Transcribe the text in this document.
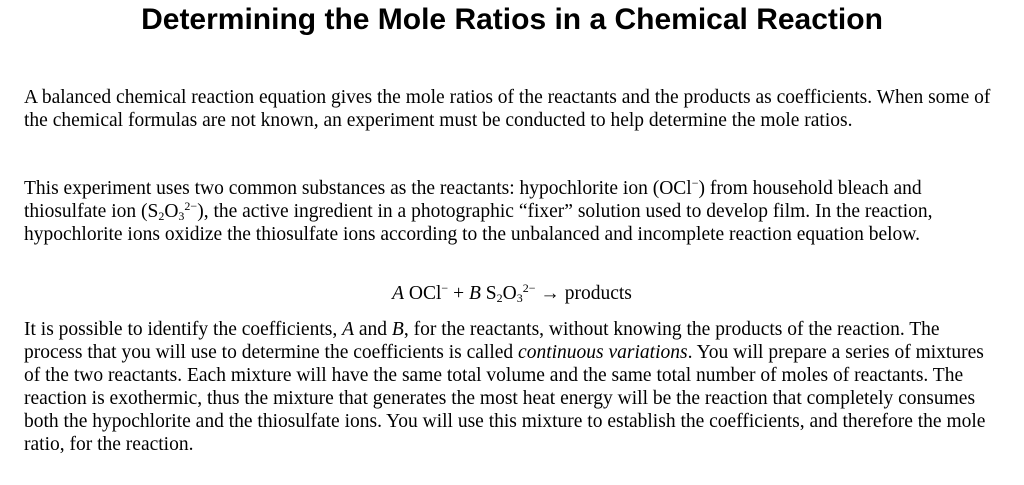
Determining the Mole Ratios in a Chemical Reaction

A balanced chemical reaction equation gives the mole ratios of the reactants and the products as coefficients. When some of the chemical formulas are not known, an experiment must be conducted to help determine the mole ratios.

This experiment uses two common substances as the reactants: hypochlorite ion (OCl−) from household bleach and thiosulfate ion $(S_2O_3^{2-})$, the active ingredient in a photographic “fixer” solution used to develop film. In the reaction, hypochlorite ions oxidize the thiosulfate ions according to the unbalanced and incomplete reaction equation below.

A OCl− + B $S_2O_3^{2-}$ → products

It is possible to identify the coefficients, A and B, for the reactants, without knowing the products of the reaction. The process that you will use to determine the coefficients is called continuous variations. You will prepare a series of mixtures of the two reactants. Each mixture will have the same total volume and the same total number of moles of reactants. The reaction is exothermic, thus the mixture that generates the most heat energy will be the reaction that completely consumes both the hypochlorite and the thiosulfate ions. You will use this mixture to establish the coefficients, and therefore the mole ratio, for the reaction.
